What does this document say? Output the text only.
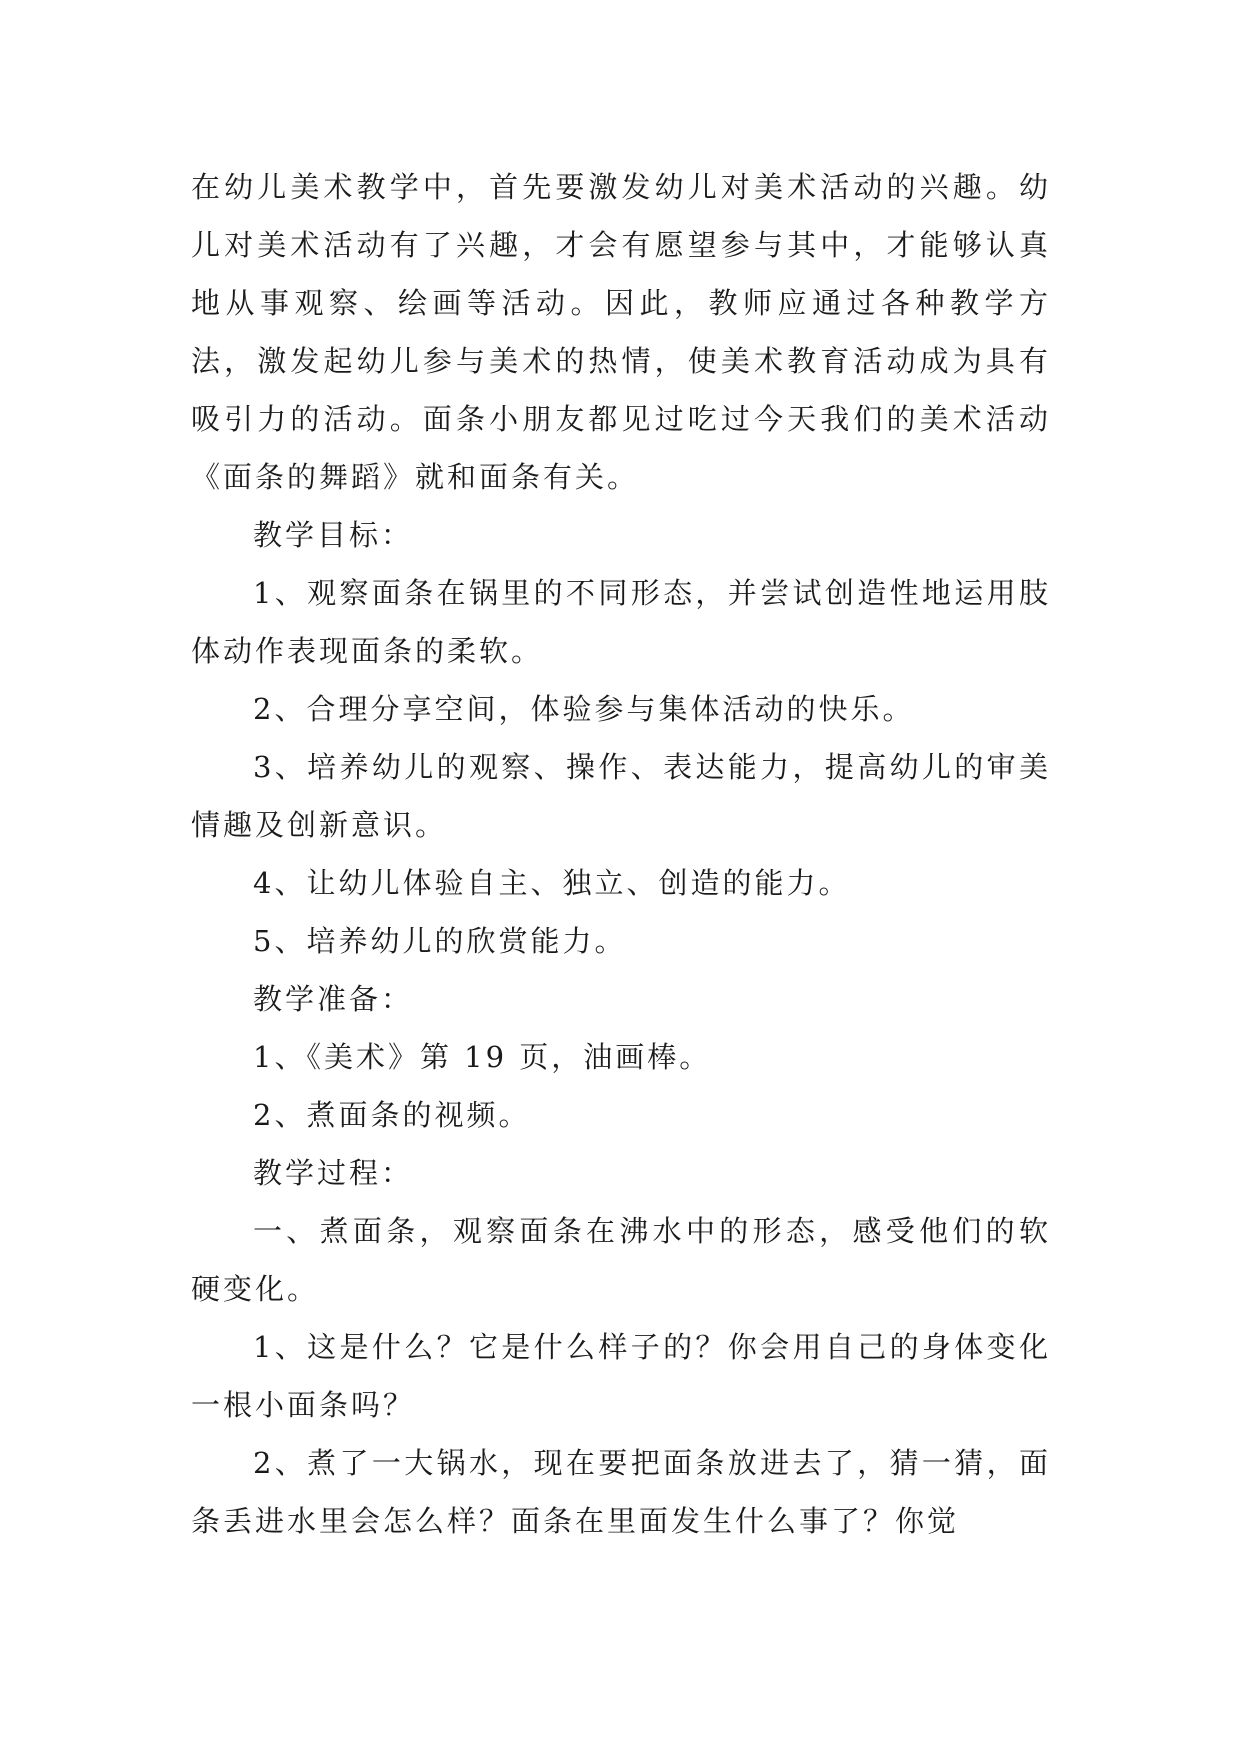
在幼儿美术教学中，首先要激发幼儿对美术活动的兴趣。幼儿对美术活动有了兴趣，才会有愿望参与其中，才能够认真地从事观察、绘画等活动。因此，教师应通过各种教学方法，激发起幼儿参与美术的热情，使美术教育活动成为具有吸引力的活动。面条小朋友都见过吃过今天我们的美术活动《面条的舞蹈》就和面条有关。

教学目标：

1、观察面条在锅里的不同形态，并尝试创造性地运用肢体动作表现面条的柔软。

2、合理分享空间，体验参与集体活动的快乐。

3、培养幼儿的观察、操作、表达能力，提高幼儿的审美情趣及创新意识。

4、让幼儿体验自主、独立、创造的能力。

5、培养幼儿的欣赏能力。

教学准备：

1、《美术》第 19 页，油画棒。

2、煮面条的视频。

教学过程：

一、煮面条，观察面条在沸水中的形态，感受他们的软硬变化。

1、这是什么？它是什么样子的？你会用自己的身体变化一根小面条吗？

2、煮了一大锅水，现在要把面条放进去了，猜一猜，面条丢进水里会怎么样？面条在里面发生什么事了？你觉
